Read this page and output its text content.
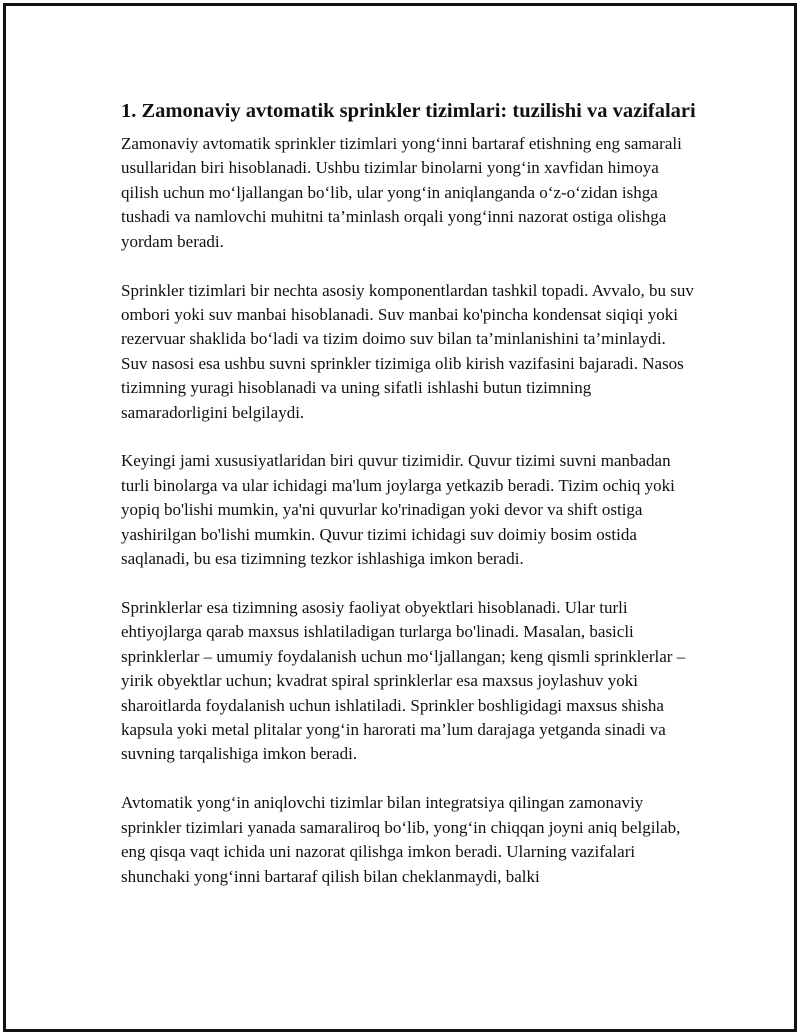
1. Zamonaviy avtomatik sprinkler tizimlari: tuzilishi va vazifalari

Zamonaviy avtomatik sprinkler tizimlari yong‘inni bartaraf etishning eng samarali usullaridan biri hisoblanadi. Ushbu tizimlar binolarni yong‘in xavfidan himoya qilish uchun mo‘ljallangan bo‘lib, ular yong‘in aniqlanganda o‘z-o‘zidan ishga tushadi va namlovchi muhitni ta’minlash orqali yong‘inni nazorat ostiga olishga yordam beradi.

Sprinkler tizimlari bir nechta asosiy komponentlardan tashkil topadi. Avvalo, bu suv ombori yoki suv manbai hisoblanadi. Suv manbai ko'pincha kondensat siqiqi yoki rezervuar shaklida bo‘ladi va tizim doimo suv bilan ta’minlanishini ta’minlaydi. Suv nasosi esa ushbu suvni sprinkler tizimiga olib kirish vazifasini bajaradi. Nasos tizimning yuragi hisoblanadi va uning sifatli ishlashi butun tizimning samaradorligini belgilaydi.

Keyingi jami xususiyatlaridan biri quvur tizimidir. Quvur tizimi suvni manbadan turli binolarga va ular ichidagi ma'lum joylarga yetkazib beradi. Tizim ochiq yoki yopiq bo'lishi mumkin, ya'ni quvurlar ko'rinadigan yoki devor va shift ostiga yashirilgan bo'lishi mumkin. Quvur tizimi ichidagi suv doimiy bosim ostida saqlanadi, bu esa tizimning tezkor ishlashiga imkon beradi.

Sprinklerlar esa tizimning asosiy faoliyat obyektlari hisoblanadi. Ular turli ehtiyojlarga qarab maxsus ishlatiladigan turlarga bo'linadi. Masalan, basicli sprinklerlar – umumiy foydalanish uchun mo‘ljallangan; keng qismli sprinklerlar – yirik obyektlar uchun; kvadrat spiral sprinklerlar esa maxsus joylashuv yoki sharoitlarda foydalanish uchun ishlatiladi. Sprinkler boshligidagi maxsus shisha kapsula yoki metal plitalar yong‘in harorati ma’lum darajaga yetganda sinadi va suvning tarqalishiga imkon beradi.

Avtomatik yong‘in aniqlovchi tizimlar bilan integratsiya qilingan zamonaviy sprinkler tizimlari yanada samaraliroq bo‘lib, yong‘in chiqqan joyni aniq belgilab, eng qisqa vaqt ichida uni nazorat qilishga imkon beradi. Ularning vazifalari shunchaki yong‘inni bartaraf qilish bilan cheklanmaydi, balki
